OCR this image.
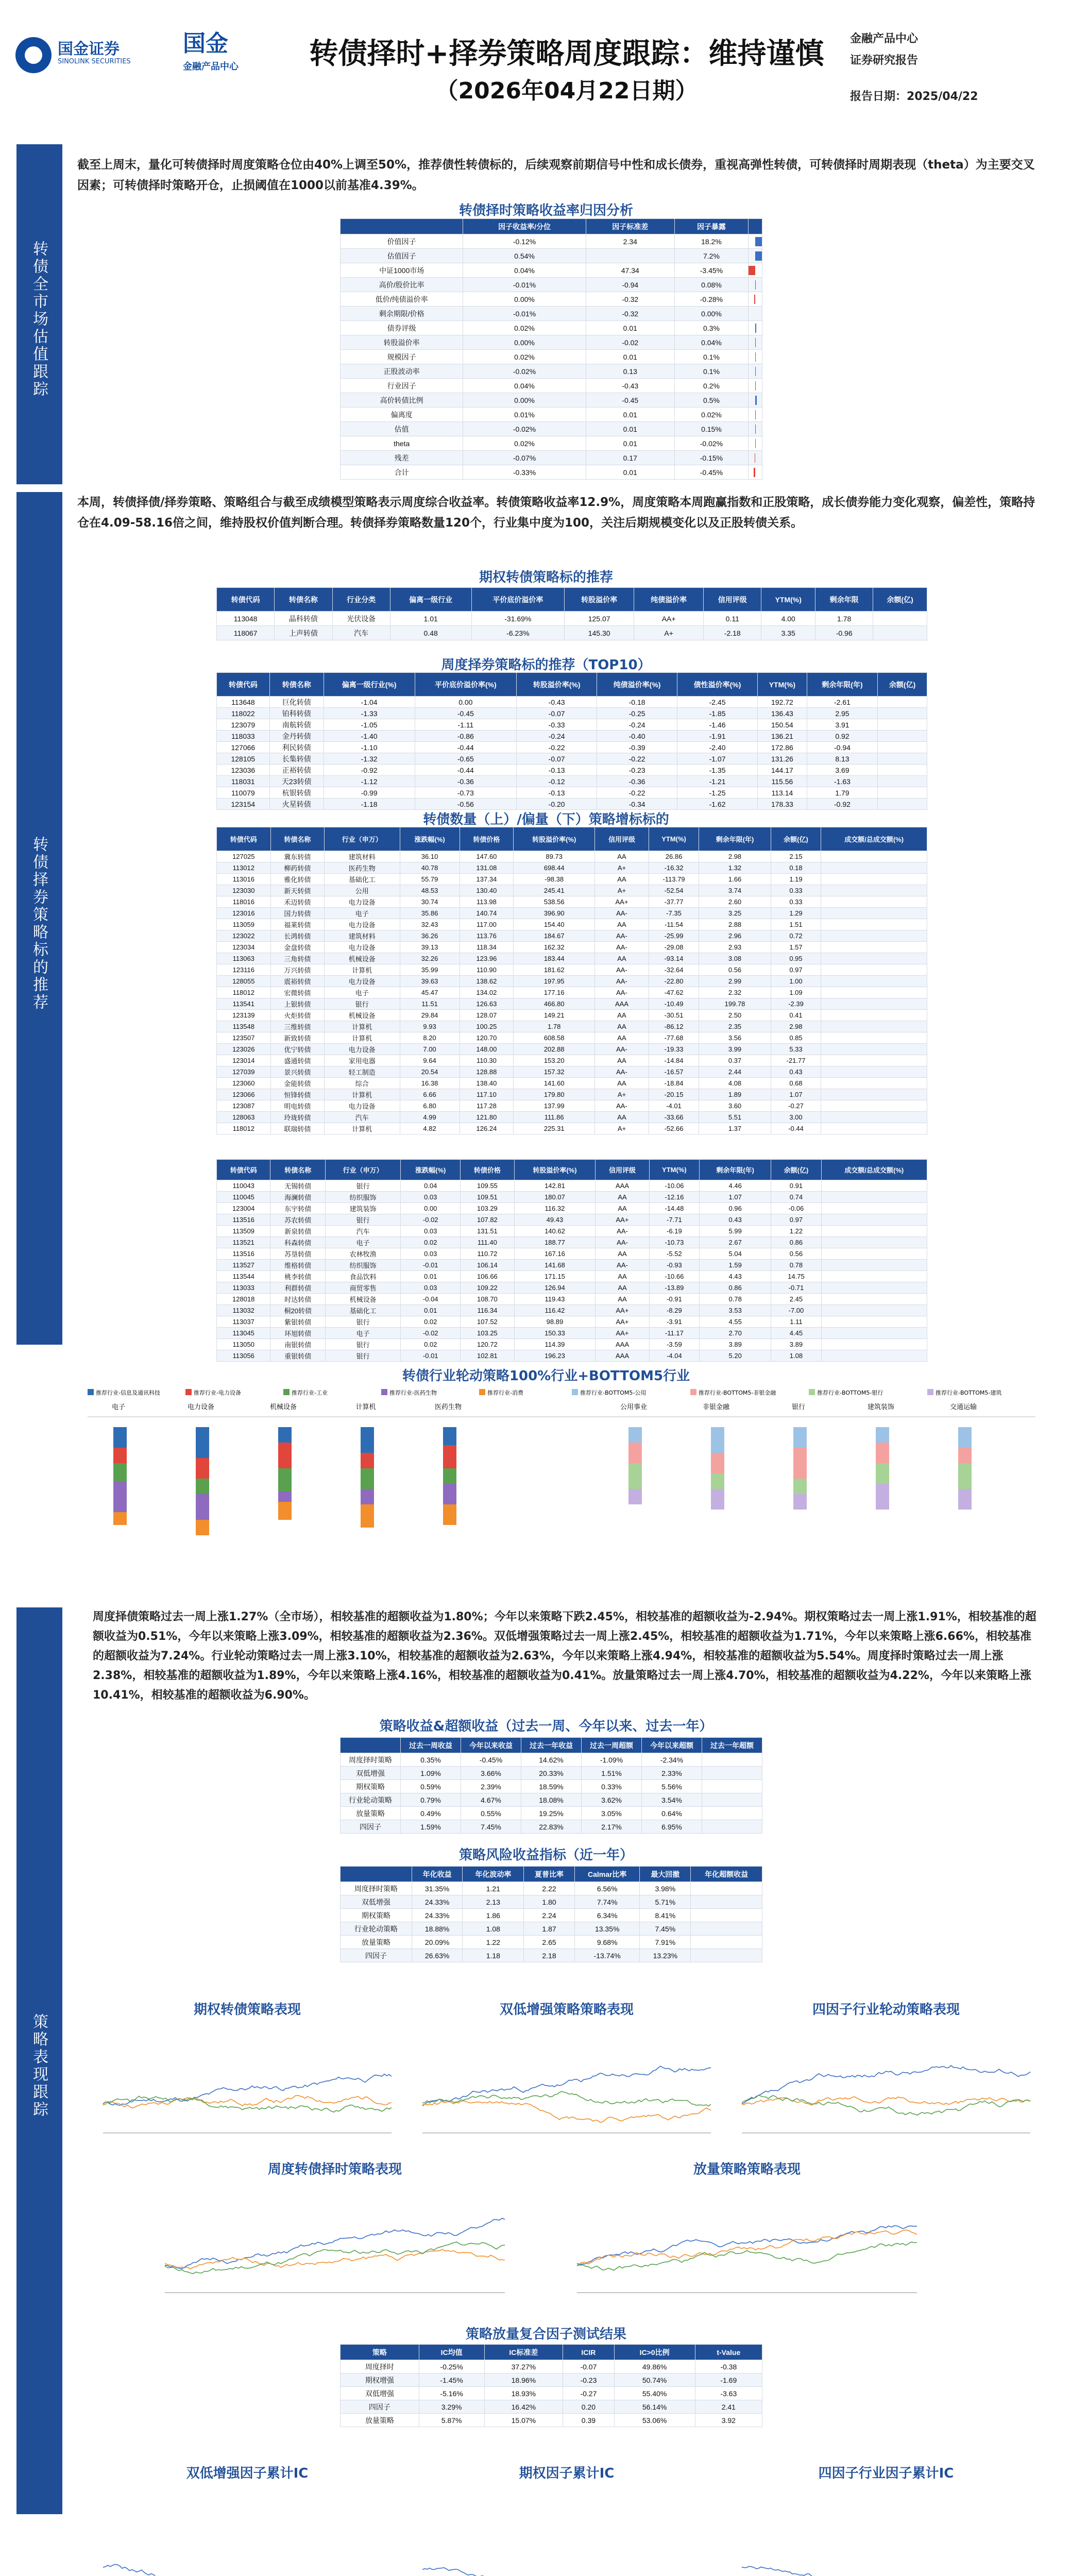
国金证券
SINOLINK SECURITIES
国金
金融产品中心	转债择时+择券策略周度跟踪：维持谨慎
（2026年04月22日期）
金融产品中心
证券研究报告
报告日期：2025/04/22
转债全市场估值跟踪
截至上周末，量化可转债择时周度策略仓位由40%上调至50%，推荐债性转债标的，后续观察前期信号中性和成长债券，重视高弹性转债，可转债择时周期表现（theta）为主要交叉因素；可转债择时策略开仓，止损阈值在1000以前基准4.39%。
转债择时策略收益率归因分析
	因子收益率/分位	因子标准差	因子暴露	
价值因子	-0.12%	2.34	18.2%	

估值因子	0.54%		7.2%	

中证1000市场	0.04%	47.34	-3.45%	

高价/股价比率	-0.01%	-0.94	0.08%	

低价/纯债溢价率	0.00%	-0.32	-0.28%	

剩余期限/价格	-0.01%	-0.32	0.00%	

债券评级	0.02%	0.01	0.3%	

转股溢价率	0.00%	-0.02	0.04%	

规模因子	0.02%	0.01	0.1%	

正股波动率	-0.02%	0.13	0.1%	

行业因子	0.04%	-0.43	0.2%	

高价转债比例	0.00%	-0.45	0.5%	

偏离度	0.01%	0.01	0.02%	

估值	-0.02%	0.01	0.15%	

theta	0.02%	0.01	-0.02%	

残差	-0.07%	0.17	-0.15%	

合计	-0.33%	0.01	-0.45%	
转债择券策略标的推荐
本周，转债择债/择券策略、策略组合与截至成绩模型策略表示周度综合收益率。转债策略收益率12.9%，周度策略本周跑赢指数和正股策略，成长债券能力变化观察，偏差性，策略持仓在4.09-58.16倍之间，维持股权价值判断合理。转债择券策略数量120个，行业集中度为100，关注后期规模变化以及正股转债关系。
期权转债策略标的推荐
转债代码	转债名称	行业分类	偏离一级行业	平价底价溢价率	转股溢价率	纯债溢价率	信用评级	YTM(%)	剩余年限	余额(亿)
113048	晶科转债	光伏设备	1.01	-31.69%	125.07	AA+	0.11	4.00	1.78	
118067	上声转债	汽车	0.48	-6.23%	145.30	A+	-2.18	3.35	-0.96	
周度择券策略标的推荐（TOP10）
转债代码	转债名称	偏离一级行业(%)	平价底价溢价率(%)	转股溢价率(%)	纯债溢价率(%)	债性溢价率(%)	YTM(%)	剩余年限(年)	余额(亿)
113648	巨化转债	-1.04	0.00	-0.43	-0.18	-2.45	192.72	-2.61	
118022	铂科转债	-1.33	-0.45	-0.07	-0.25	-1.85	136.43	2.95	
123079	南航转债	-1.05	-1.11	-0.33	-0.24	-1.46	150.54	3.91	
118033	金丹转债	-1.40	-0.86	-0.24	-0.40	-1.91	136.21	0.92	
127066	利民转债	-1.10	-0.44	-0.22	-0.39	-2.40	172.86	-0.94	
128105	长集转债	-1.32	-0.65	-0.07	-0.22	-1.07	131.26	8.13	
123036	正裕转债	-0.92	-0.44	-0.13	-0.23	-1.35	144.17	3.69	
118031	天23转债	-1.12	-0.36	-0.12	-0.36	-1.21	115.56	-1.63	
110079	杭银转债	-0.99	-0.73	-0.13	-0.22	-1.25	113.14	1.79	
123154	火星转债	-1.18	-0.56	-0.20	-0.34	-1.62	178.33	-0.92	
转债数量（上）/偏量（下）策略增标标的
转债代码	转债名称	行业（申万）	涨跌幅(%)	转债价格	转股溢价率(%)	信用评级	YTM(%)	剩余年限(年)	余额(亿)	成交额/总成交额(%)
127025	冀东转债	建筑材料	36.10	147.60	89.73	AA	26.86	2.98	2.15	
113012	柳药转债	医药生物	40.78	131.08	698.44	A+	-16.32	1.32	0.18	
113016	雅化转债	基础化工	55.79	137.34	-98.38	AA	-113.79	1.66	1.19	
123030	新天转债	公用	48.53	130.40	245.41	A+	-52.54	3.74	0.33	
118016	禾迈转债	电力设备	30.74	113.98	538.56	AA+	-37.77	2.60	0.33	
123016	国力转债	电子	35.86	140.74	396.90	AA-	-7.35	3.25	1.29	
113059	福莱转债	电力设备	32.43	117.00	154.40	AA	-11.54	2.88	1.51	
123022	长鸿转债	建筑材料	36.26	113.76	184.67	AA-	-25.99	2.96	0.72	
123034	金盘转债	电力设备	39.13	118.34	162.32	AA-	-29.08	2.93	1.57	
113063	三角转债	机械设备	32.26	123.96	183.44	AA	-93.14	3.08	0.95	
123116	万兴转债	计算机	35.99	110.90	181.62	AA-	-32.64	0.56	0.97	
128055	震裕转债	电力设备	39.63	138.62	197.95	AA-	-22.80	2.99	1.00	
118012	宏微转债	电子	45.47	134.02	177.16	AA-	-47.62	2.32	1.09	
113541	上银转债	银行	11.51	126.63	466.80	AAA	-10.49	199.78	-2.39	
123139	火炬转债	机械设备	29.84	128.07	149.21	AA	-30.51	2.50	0.41	
113548	三维转债	计算机	9.93	100.25	1.78	AA	-86.12	2.35	2.98	
123507	新致转债	计算机	8.20	120.70	608.58	AA	-77.68	3.56	0.85	
123026	优宁转债	电力设备	7.00	148.00	202.88	AA-	-19.33	3.99	5.33	
123014	盛通转债	家用电器	9.64	110.30	153.20	AA	-14.84	0.37	-21.77	
127039	景兴转债	轻工制造	20.54	128.88	157.32	AA-	-16.57	2.44	0.43	
123060	金能转债	综合	16.38	138.40	141.60	AA	-18.84	4.08	0.68	
123066	恒锋转债	计算机	6.66	117.10	179.80	A+	-20.15	1.89	1.07	
123087	明电转债	电力设备	6.80	117.28	137.99	AA-	-4.01	3.60	-0.27	
128063	玲珑转债	汽车	4.99	121.80	111.86	AA	-33.66	5.51	3.00	
118012	联瑞转债	计算机	4.82	126.24	225.31	A+	-52.66	1.37	-0.44	
转债代码	转债名称	行业（申万）	涨跌幅(%)	转债价格	转股溢价率(%)	信用评级	YTM(%)	剩余年限(年)	余额(亿)	成交额/总成交额(%)
110043	无锡转债	银行	0.04	109.55	142.81	AAA	-10.06	4.46	0.91	
110045	海澜转债	纺织服饰	0.03	109.51	180.07	AA	-12.16	1.07	0.74	
123004	东宇转债	建筑装饰	0.00	103.29	116.32	AA	-14.48	0.96	-0.06	
113516	苏农转债	银行	-0.02	107.82	49.43	AA+	-7.71	0.43	0.97	
113509	新泉转债	汽车	0.03	131.51	140.62	AA-	-6.19	5.99	1.22	
113521	科森转债	电子	0.02	111.40	188.77	AA-	-10.73	2.67	0.86	
113516	苏垦转债	农林牧渔	0.03	110.72	167.16	AA	-5.52	5.04	0.56	
113527	维格转债	纺织服饰	-0.01	106.14	141.68	AA-	-0.93	1.59	0.78	
113544	桃李转债	食品饮料	0.01	106.66	171.15	AA	-10.66	4.43	14.75	
113033	利群转债	商贸零售	0.03	109.22	126.94	AA	-13.89	0.86	-0.71	
128018	时达转债	机械设备	-0.04	108.70	119.43	AA	-0.91	0.78	2.45	
113032	桐20转债	基础化工	0.01	116.34	116.42	AA+	-8.29	3.53	-7.00	
113037	紫银转债	银行	0.02	107.52	98.89	AA+	-3.91	4.55	1.11	
113045	环旭转债	电子	-0.02	103.25	150.33	AA+	-11.17	2.70	4.45	
113050	南银转债	银行	0.02	120.72	114.39	AAA	-3.59	3.89	3.89	
113056	重银转债	银行	-0.01	102.81	196.23	AAA	-4.04	5.20	1.08	
转债行业轮动策略100%行业+BOTTOM5行业
推荐行业-信息及通讯科技	推荐行业-电力设备	推荐行业-工业	推荐行业-医药生物	推荐行业-消费	推荐行业-BOTTOM5-公用	推荐行业-BOTTOM5-非银金融	推荐行业-BOTTOM5-银行	推荐行业-BOTTOM5-建筑
电子	电力设备	机械设备	计算机	医药生物	公用事业	非银金融	银行	建筑装饰	交通运输
策略表现跟踪
周度择债策略过去一周上涨1.27%（全市场），相较基准的超额收益为1.80%；今年以来策略下跌2.45%，相较基准的超额收益为-2.94%。期权策略过去一周上涨1.91%，相较基准的超额收益为0.51%，今年以来策略上涨3.09%，相较基准的超额收益为2.36%。双低增强策略过去一周上涨2.45%，相较基准的超额收益为1.71%，今年以来策略上涨6.66%，相较基准的超额收益为7.24%。行业轮动策略过去一周上涨3.10%，相较基准的超额收益为2.63%，今年以来策略上涨4.94%，相较基准的超额收益为5.54%。周度择时策略过去一周上涨2.38%，相较基准的超额收益为1.89%，今年以来策略上涨4.16%，相较基准的超额收益为0.41%。放量策略过去一周上涨4.70%，相较基准的超额收益为4.22%，今年以来策略上涨10.41%，相较基准的超额收益为6.90%。
策略收益&超额收益（过去一周、今年以来、过去一年）
	过去一周收益	今年以来收益	过去一年收益	过去一周超额	今年以来超额	过去一年超额
周度择时策略	0.35%	-0.45%	14.62%	-1.09%	-2.34%	
双低增强	1.09%	3.66%	20.33%	1.51%	2.33%	
期权策略	0.59%	2.39%	18.59%	0.33%	5.56%	
行业轮动策略	0.79%	4.67%	18.08%	3.62%	3.54%	
放量策略	0.49%	0.55%	19.25%	3.05%	0.64%	
四因子	1.59%	7.45%	22.83%	2.17%	6.95%	
策略风险收益指标（近一年）
	年化收益	年化波动率	夏普比率	Calmar比率	最大回撤	年化超额收益
周度择时策略	31.35%	1.21	2.22	6.56%	3.98%	
双低增强	24.33%	2.13	1.80	7.74%	5.71%	
期权策略	24.33%	1.86	2.24	6.34%	8.41%	
行业轮动策略	18.88%	1.08	1.87	13.35%	7.45%	
放量策略	20.09%	1.22	2.65	9.68%	7.91%	
四因子	26.63%	1.18	2.18	-13.74%	13.23%	
期权转债策略表现	双低增强策略策略表现	四因子行业轮动策略表现
周度转债择时策略表现	放量策略策略表现
策略放量复合因子测试结果
策略	IC均值	IC标准差	ICIR	IC>0比例	t-Value
周度择时	-0.25%	37.27%	-0.07	49.86%	-0.38
期权增强	-1.45%	18.96%	-0.23	50.74%	-1.69
双低增强	-5.16%	18.93%	-0.27	55.40%	-3.63
四因子	3.29%	16.42%	0.20	56.14%	2.41
放量策略	5.87%	15.07%	0.39	53.06%	3.92
双低增强因子累计IC	期权因子累计IC	四因子行业因子累计IC
